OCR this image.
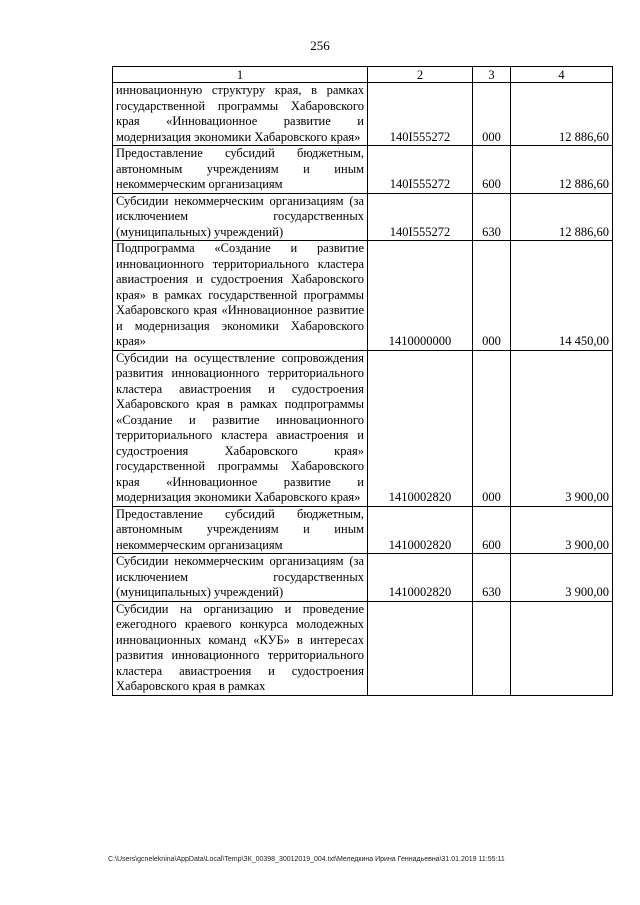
256
1	2	3	4
инновационную структуру края, в рамках государственной программы Хабаровского края «Инновационное развитие и модернизация экономики Хабаровского края»	140I555272	000	12 886,60
Предоставление субсидий бюджетным, автономным учреждениям и иным некоммерческим организациям	140I555272	600	12 886,60
Субсидии некоммерческим организациям (за исключением государственных (муниципальных) учреждений)	140I555272	630	12 886,60
Подпрограмма «Создание и развитие инновационного территориального кластера авиастроения и судостроения Хабаровского края» в рамках государственной программы Хабаровского края «Инновационное развитие и модернизация экономики Хабаровского края»	1410000000	000	14 450,00
Субсидии на осуществление сопровождения развития инновационного территориального кластера авиастроения и судостроения Хабаровского края в рамках подпрограммы «Создание и развитие инновационного территориального кластера авиастроения и судостроения Хабаровского края» государственной программы Хабаровского края «Инновационное развитие и модернизация экономики Хабаровского края»	1410002820	000	3 900,00
Предоставление субсидий бюджетным, автономным учреждениям и иным некоммерческим организациям	1410002820	600	3 900,00
Субсидии некоммерческим организациям (за исключением государственных (муниципальных) учреждений)	1410002820	630	3 900,00
Субсидии на организацию и проведение ежегодного краевого конкурса молодежных инновационных команд «КУБ» в интересах развития инновационного территориального кластера авиастроения и судостроения Хабаровского края в рамках			
C:\Users\gcneleknina\AppData\Local\Temp\ЗК_00398_30012019_004.txt\Меледкина Ирина Геннадьевна\31.01.2019 11:55:11
